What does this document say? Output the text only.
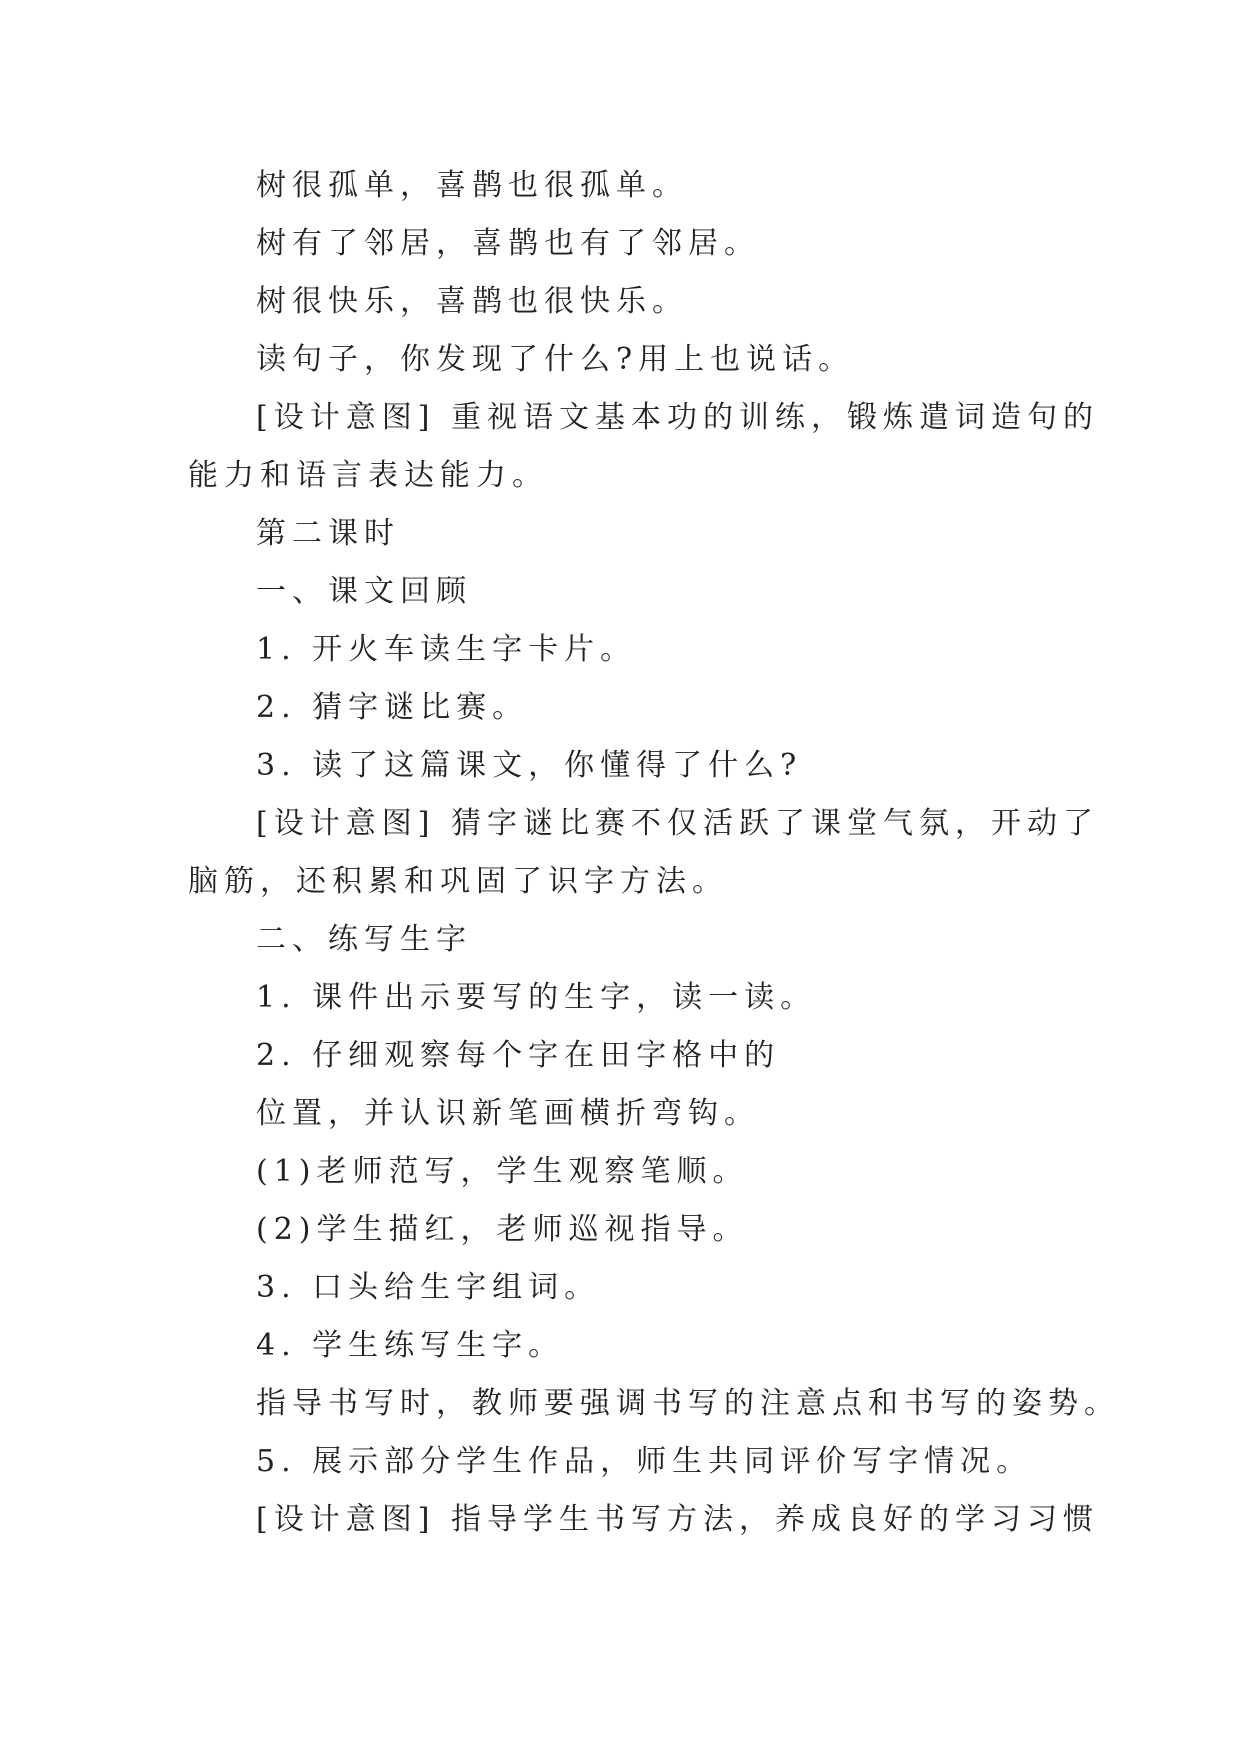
树很孤单，喜鹊也很孤单。
树有了邻居，喜鹊也有了邻居。
树很快乐，喜鹊也很快乐。
读句子，你发现了什么?用上也说话。
[设计意图] 重视语文基本功的训练，锻炼遣词造句的
能力和语言表达能力。
第二课时
一、课文回顾
1. 开火车读生字卡片。
2. 猜字谜比赛。
3. 读了这篇课文，你懂得了什么?
[设计意图] 猜字谜比赛不仅活跃了课堂气氛，开动了
脑筋，还积累和巩固了识字方法。
二、练写生字
1. 课件出示要写的生字，读一读。
2. 仔细观察每个字在田字格中的
位置，并认识新笔画横折弯钩。
(1)老师范写，学生观察笔顺。
(2)学生描红，老师巡视指导。
3. 口头给生字组词。
4. 学生练写生字。
指导书写时，教师要强调书写的注意点和书写的姿势。
5. 展示部分学生作品，师生共同评价写字情况。
[设计意图] 指导学生书写方法，养成良好的学习习惯
